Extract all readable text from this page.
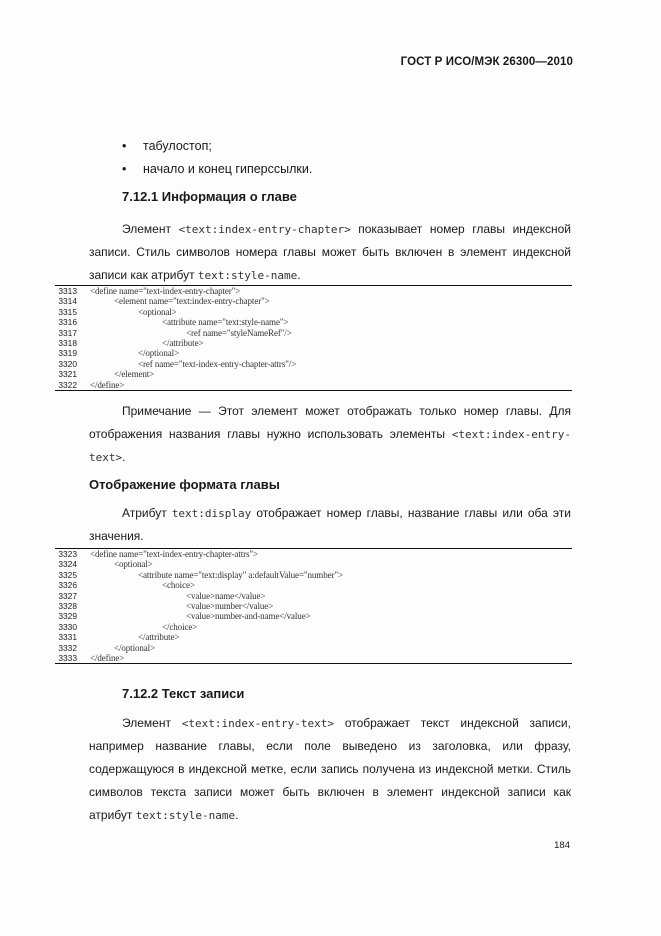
ГОСТ Р ИСО/МЭК 26300—2010
• табулостоп;
• начало и конец гиперссылки.
7.12.1 Информация о главе

Элемент <text:index-entry-chapter> показывает номер главы индексной записи. Стиль символов номера главы может быть включен в элемент индексной записи как атрибут text:style-name.

3313 <define name="text-index-entry-chapter">
3314	<element name="text:index-entry-chapter">
3315	<optional>
3316	<attribute name="text:style-name">
3317	<ref name="styleNameRef"/>
3318	</attribute>
3319	</optional>
3320	<ref name="text-index-entry-chapter-attrs"/>
3321	</element>
3322 </define>

Примечание — Этот элемент может отображать только номер главы. Для отображения названия главы нужно использовать элементы <text:index-entry-text>.

Отображение формата главы

Атрибут text:display отображает номер главы, название главы или оба эти значения.

3323 <define name="text-index-entry-chapter-attrs">
3324	<optional>
3325	<attribute name="text:display" a:defaultValue="number">
3326	<choice>
3327	<value>name</value>
3328	<value>number</value>
3329	<value>number-and-name</value>
3330	</choice>
3331	</attribute>
3332	</optional>
3333 </define>
7.12.2 Текст записи

Элемент <text:index-entry-text> отображает текст индексной записи, например название главы, если поле выведено из заголовка, или фразу, содержащуюся в индексной метке, если запись получена из индексной метки. Стиль символов текста записи может быть включен в элемент индексной записи как атрибут text:style-name.

184
